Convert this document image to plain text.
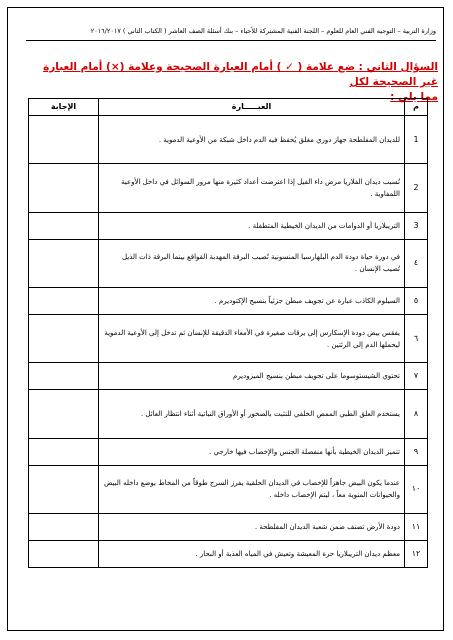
وزارة التربية – التوجيه الفني العام للعلوم – اللجنة الفنية المشتركة للأحياء – بنك أسئلة الصف العاشر ( الكتاب الثاني ) ٢٠١٦/٢٠١٧
السؤال الثاني : ضع علامة ( ✓ ) أمام العبارة الصحيحة وعلامة (×) أمام العبارة غير الصحيحة لكل
مما يلي :
م	العبـــــارة	الإجابة
1	للديدان المفلطحة جهاز دوري مغلق يُحفظ فيه الدم داخل شبكة من الأوعية الدموية .	
2	تُسبب ديدان الفلاريا مرض داء الفيل إذا اعترضت أعداد كثيرة منها مرور السوائل في داخل الأوعية اللمفاوية .	
3	التريبلاريا أو الدوامات من الديدان الخيطية المتطفلة .	
٤	في دورة حياة دودة الدم البلهارسيا المنسونية تُصيب البرقة المهدبة القواقع بينما البرقة ذات الذيل تُصيب الإنسان .	
٥	السيلوم الكاذب عبارة عن تجويف مبطن جزئياً بنسيج الإكتوديرم .	
٦	يفقس بيض دودة الإسكارس إلى يرقات صغيرة في الأمعاء الدقيقة للإنسان ثم تدخل إلى الأوعية الدموية ليحملها الدم إلى الرئتين .	
٧	تحتوي الشيستوسوما على تجويف مبطن بنسيج الميزوديرم	
٨	يستخدم العلق الطبي الممص الخلفي للتثبت بالصخور أو الأوراق النباتية أثناء انتظار العائل .	
٩	تتميز الديدان الخيطية بأنها منفصلة الجنس والإخصاب فيها خارجي .	
١٠	عندما يكون البيض جاهزاً للإخصاب في الديدان الحلقية يفرز السرج طوقاً من المخاط يوضع داخله البيض والحيوانات المنوية معاً ، ليتم الإخصاب داخله .	
١١	دودة الأرض تصنف ضمن شعبة الديدان المفلطحة .	
١٢	معظم ديدان التريبلاريا حرة المعيشة وتعيش في المياه العذبة أو البحار .	
